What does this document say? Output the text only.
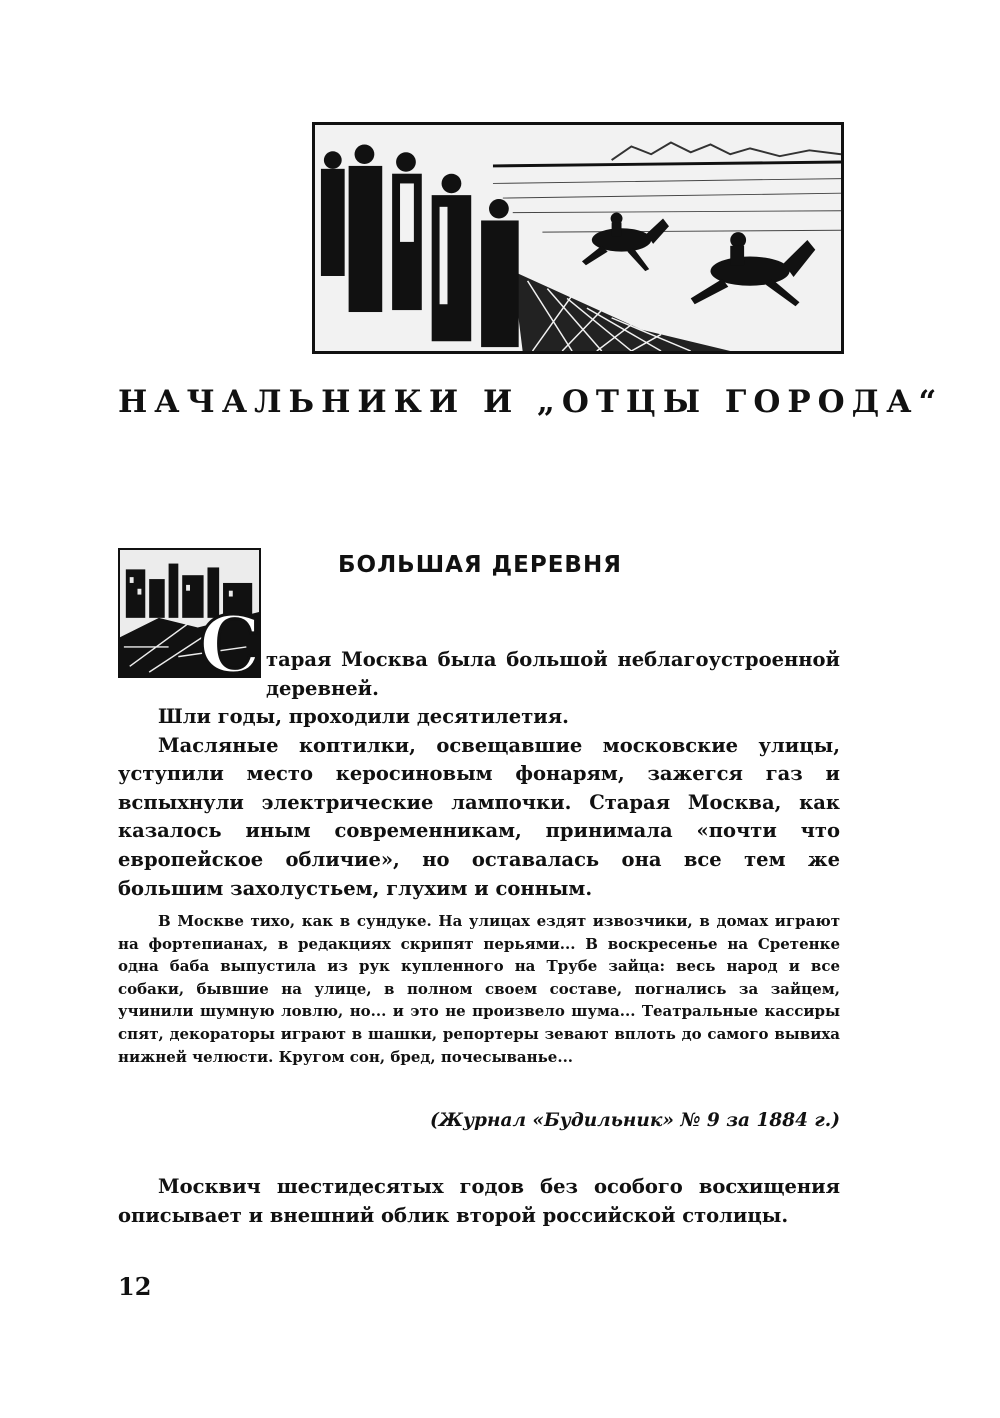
НАЧАЛЬНИКИ И „ОТЦЫ ГОРОДА“
С
БОЛЬШАЯ ДЕРЕВНЯ

тарая Москва была большой неблагоустроенной деревней.

Шли годы, проходили десятилетия.

Масляные коптилки, освещавшие московские улицы, уступили место керосиновым фонарям, зажегся газ и вспыхнули электрические лампочки. Старая Москва, как казалось иным современникам, принимала «почти что европейское обличие», но оставалась она все тем же большим захолустьем, глухим и сонным.

В Москве тихо, как в сундуке. На улицах ездят извозчики, в домах играют на фортепианах, в редакциях скрипят перьями... В воскресенье на Сретенке одна баба выпустила из рук купленного на Трубе зайца: весь народ и все собаки, бывшие на улице, в полном своем составе, погнались за зайцем, учинили шумную ловлю, но... и это не произвело шума... Театральные кассиры спят, декораторы играют в шашки, репортеры зевают вплоть до самого вывиха нижней челюсти. Кругом сон, бред, почесыванье...

(Журнал «Будильник» № 9 за 1884 г.)

Москвич шестидесятых годов без особого восхищения описывает и внешний облик второй российской столицы.

12
